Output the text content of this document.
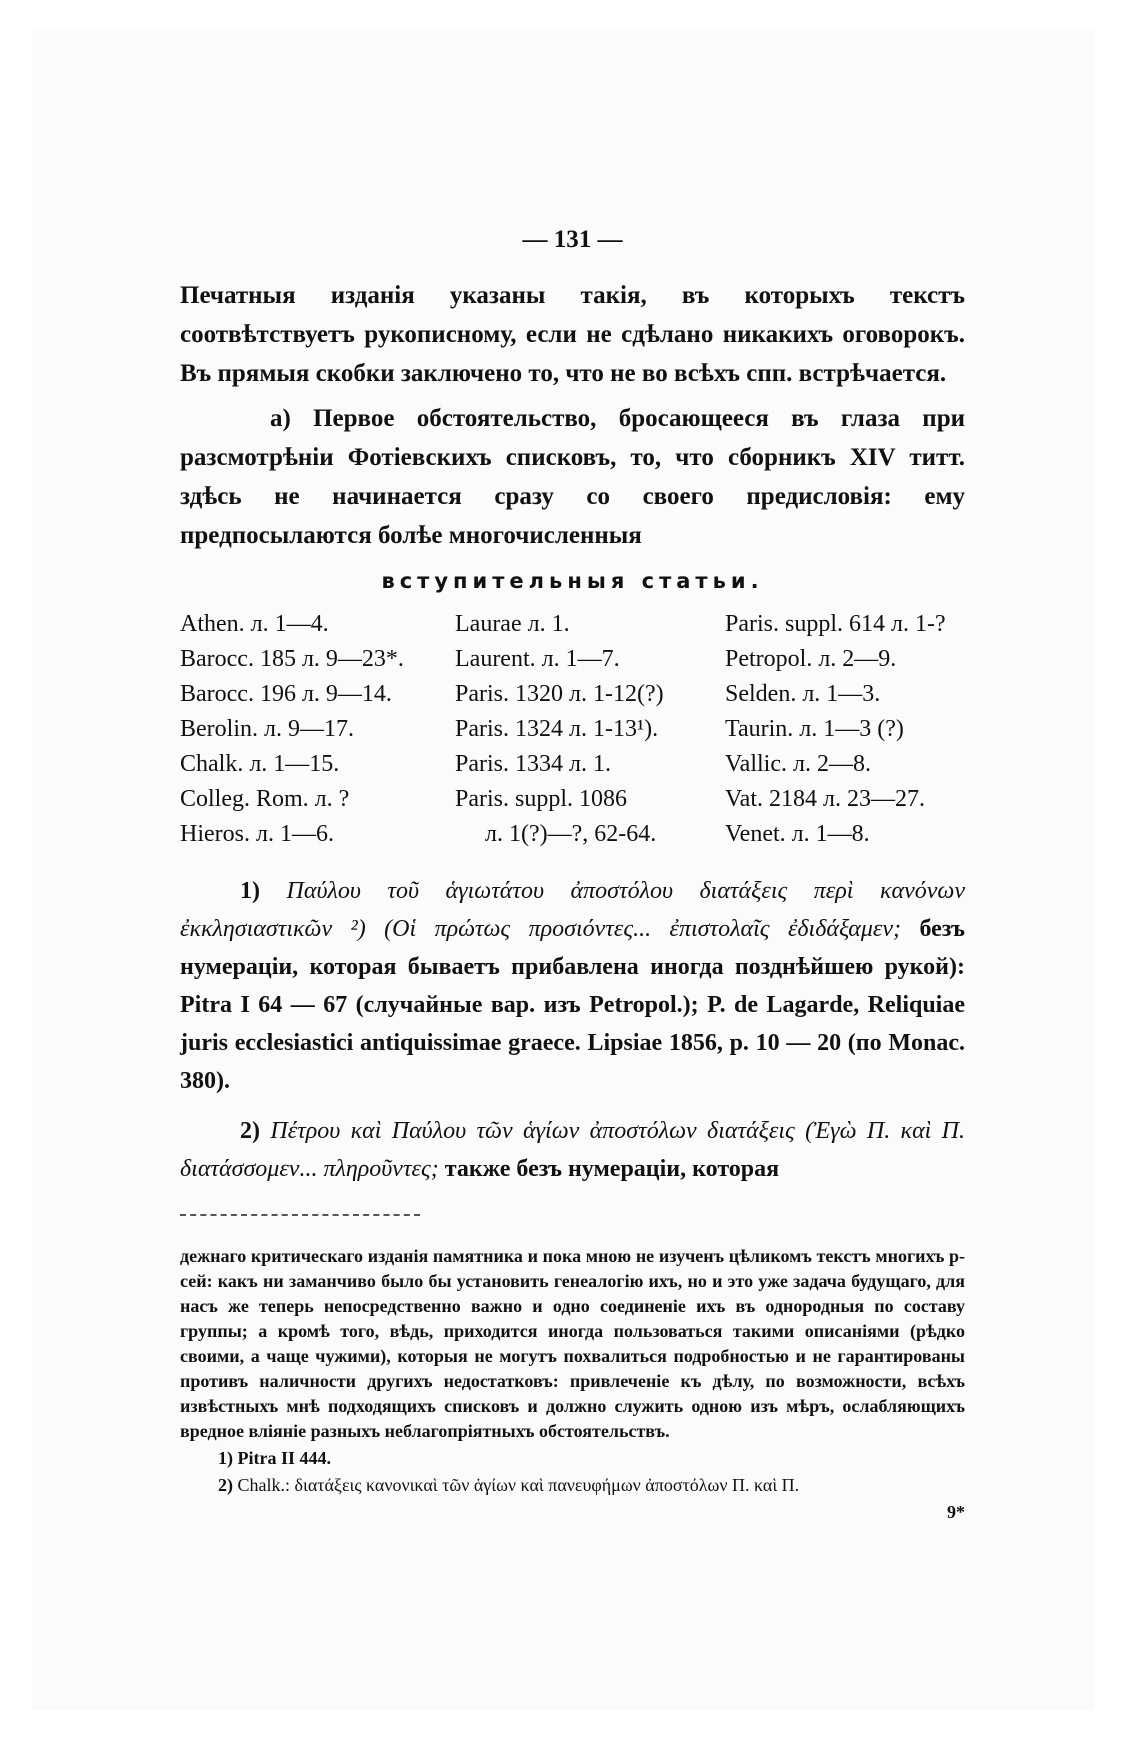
— 131 —

Печатныя изданія указаны такія, въ которыхъ текстъ соотвѣтствуетъ рукописному, если не сдѣлано никакихъ оговорокъ. Въ прямыя скобки заключено то, что не во всѣхъ спп. встрѣчается.

а) Первое обстоятельство, бросающееся въ глаза при разсмотрѣніи Фотіевскихъ списковъ, то, что сборникъ XIV титт. здѣсь не начинается сразу со своего предисловія: ему предпосылаются болѣе многочисленныя

вступительныя статьи.
Athen. л. 1—4.
Barocc. 185 л. 9—23*.
Barocc. 196 л. 9—14.
Berolin. л. 9—17.
Chalk. л. 1—15.
Colleg. Rom. л. ?
Hieros. л. 1—6.
Laurae л. 1.
Laurent. л. 1—7.
Paris. 1320 л. 1-12(?)
Paris. 1324 л. 1-13¹).
Paris. 1334 л. 1.
Paris. suppl. 1086
л. 1(?)—?, 62-64.
Paris. suppl. 614 л. 1-?
Petropol. л. 2—9.
Selden. л. 1—3.
Taurin. л. 1—3 (?)
Vallic. л. 2—8.
Vat. 2184 л. 23—27.
Venet. л. 1—8.

1) Παύλου τοῦ ἁγιωτάτου ἀποστόλου διατάξεις περὶ κανόνων ἐκκλησιαστικῶν ²) (Οἱ πρώτως προσιόντες... ἐπιστολαῖς ἐδιδάξαμεν; безъ нумераціи, которая бываетъ прибавлена иногда позднѣйшею рукой): Pitra I 64 — 67 (случайные вар. изъ Petropol.); P. de Lagarde, Reliquiae juris ecclesiastici antiquissimae graece. Lipsiae 1856, p. 10 — 20 (по Monac. 380).

2) Πέτρου καὶ Παύλου τῶν ἁγίων ἀποστόλων διατάξεις (Ἐγὼ Π. καὶ Π. διατάσσομεν... πληροῦντες; также безъ нумераціи, которая

дежнаго критическаго изданія памятника и пока мною не изученъ цѣликомъ текстъ многихъ р-сей: какъ ни заманчиво было бы установить генеалогію ихъ, но и это уже задача будущаго, для насъ же теперь непосредственно важно и одно соединеніе ихъ въ однородныя по составу группы; а кромѣ того, вѣдь, приходится иногда пользоваться такими описаніями (рѣдко своими, а чаще чужими), которыя не могутъ похвалиться подробностью и не гарантированы противъ наличности другихъ недостатковъ: привлеченіе къ дѣлу, по возможности, всѣхъ извѣстныхъ мнѣ подходящихъ списковъ и должно служить одною изъ мѣръ, ослабляющихъ вредное вліяніе разныхъ неблагопріятныхъ обстоятельствъ.
1) Pitra II 444.
2) Chalk.: διατάξεις κανονικαὶ τῶν ἁγίων καὶ πανευφήμων ἀποστόλων Π. καὶ Π.
9*
